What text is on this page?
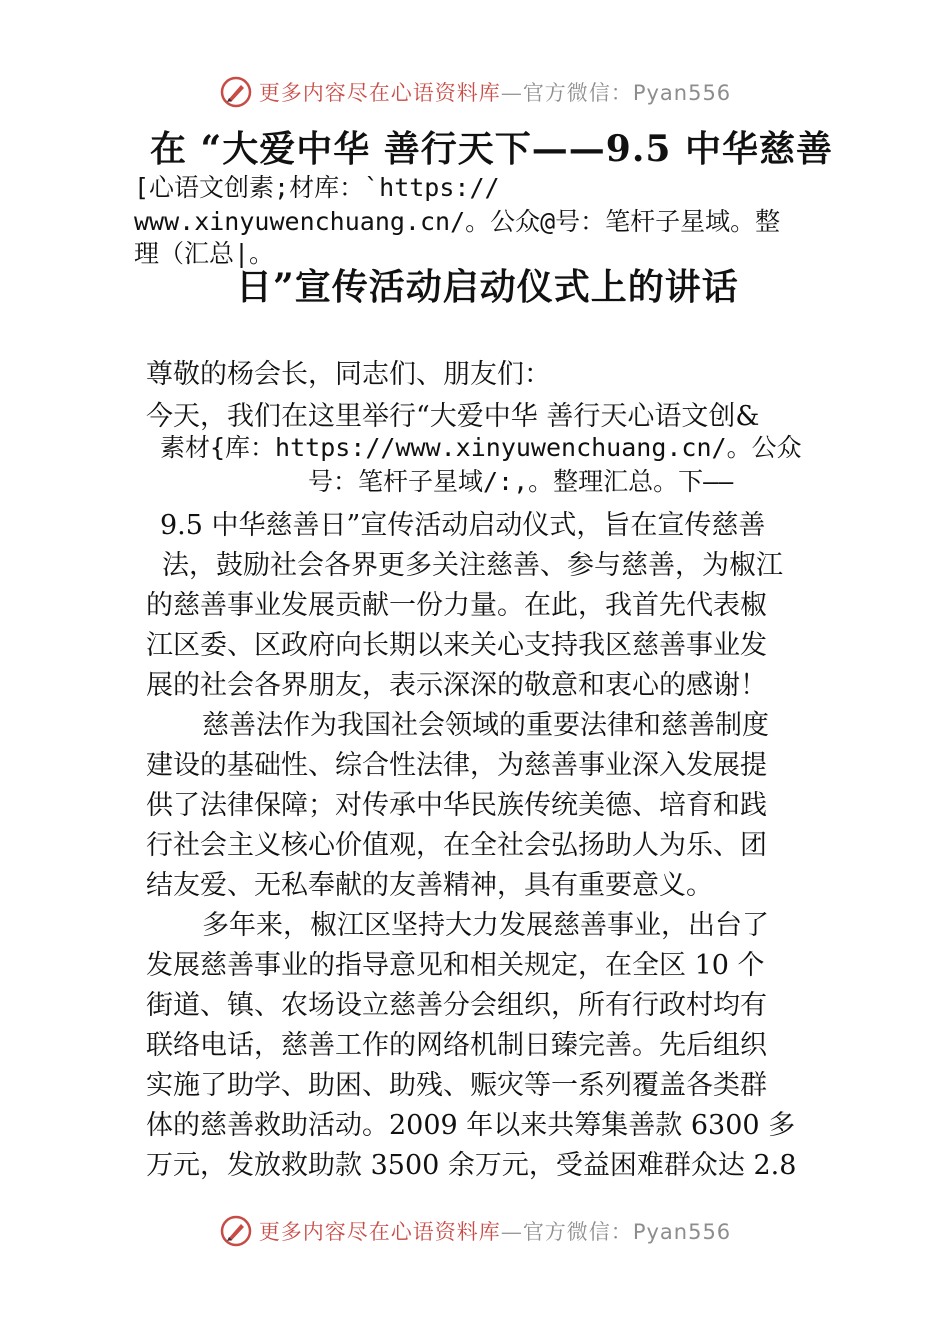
更多内容尽在心语资料库—官方微信：Pyan556
在 “大爱中华 善行天下——9.5 中华慈善
[心语文创素;材库：`https://
www.xinyuwenchuang.cn/。公众@号：笔杆子星域。整
理（汇总|。
日”宣传活动启动仪式上的讲话
尊敬的杨会长，同志们、朋友们：
今天，我们在这里举行“大爱中华 善行天心语文创&
素材{库：https://www.xinyuwenchuang.cn/。公众
号：笔杆子星域/:,。整理汇总。下——
9.5 中华慈善日”宣传活动启动仪式，旨在宣传慈善
法，鼓励社会各界更多关注慈善、参与慈善，为椒江
的慈善事业发展贡献一份力量。在此，我首先代表椒
江区委、区政府向长期以来关心支持我区慈善事业发
展的社会各界朋友，表示深深的敬意和衷心的感谢！
慈善法作为我国社会领域的重要法律和慈善制度
建设的基础性、综合性法律，为慈善事业深入发展提
供了法律保障；对传承中华民族传统美德、培育和践
行社会主义核心价值观，在全社会弘扬助人为乐、团
结友爱、无私奉献的友善精神，具有重要意义。
多年来，椒江区坚持大力发展慈善事业，出台了
发展慈善事业的指导意见和相关规定，在全区 10 个
街道、镇、农场设立慈善分会组织，所有行政村均有
联络电话，慈善工作的网络机制日臻完善。先后组织
实施了助学、助困、助残、赈灾等一系列覆盖各类群
体的慈善救助活动。2009 年以来共筹集善款 6300 多
万元，发放救助款 3500 余万元，受益困难群众达 2.8
更多内容尽在心语资料库—官方微信：Pyan556
